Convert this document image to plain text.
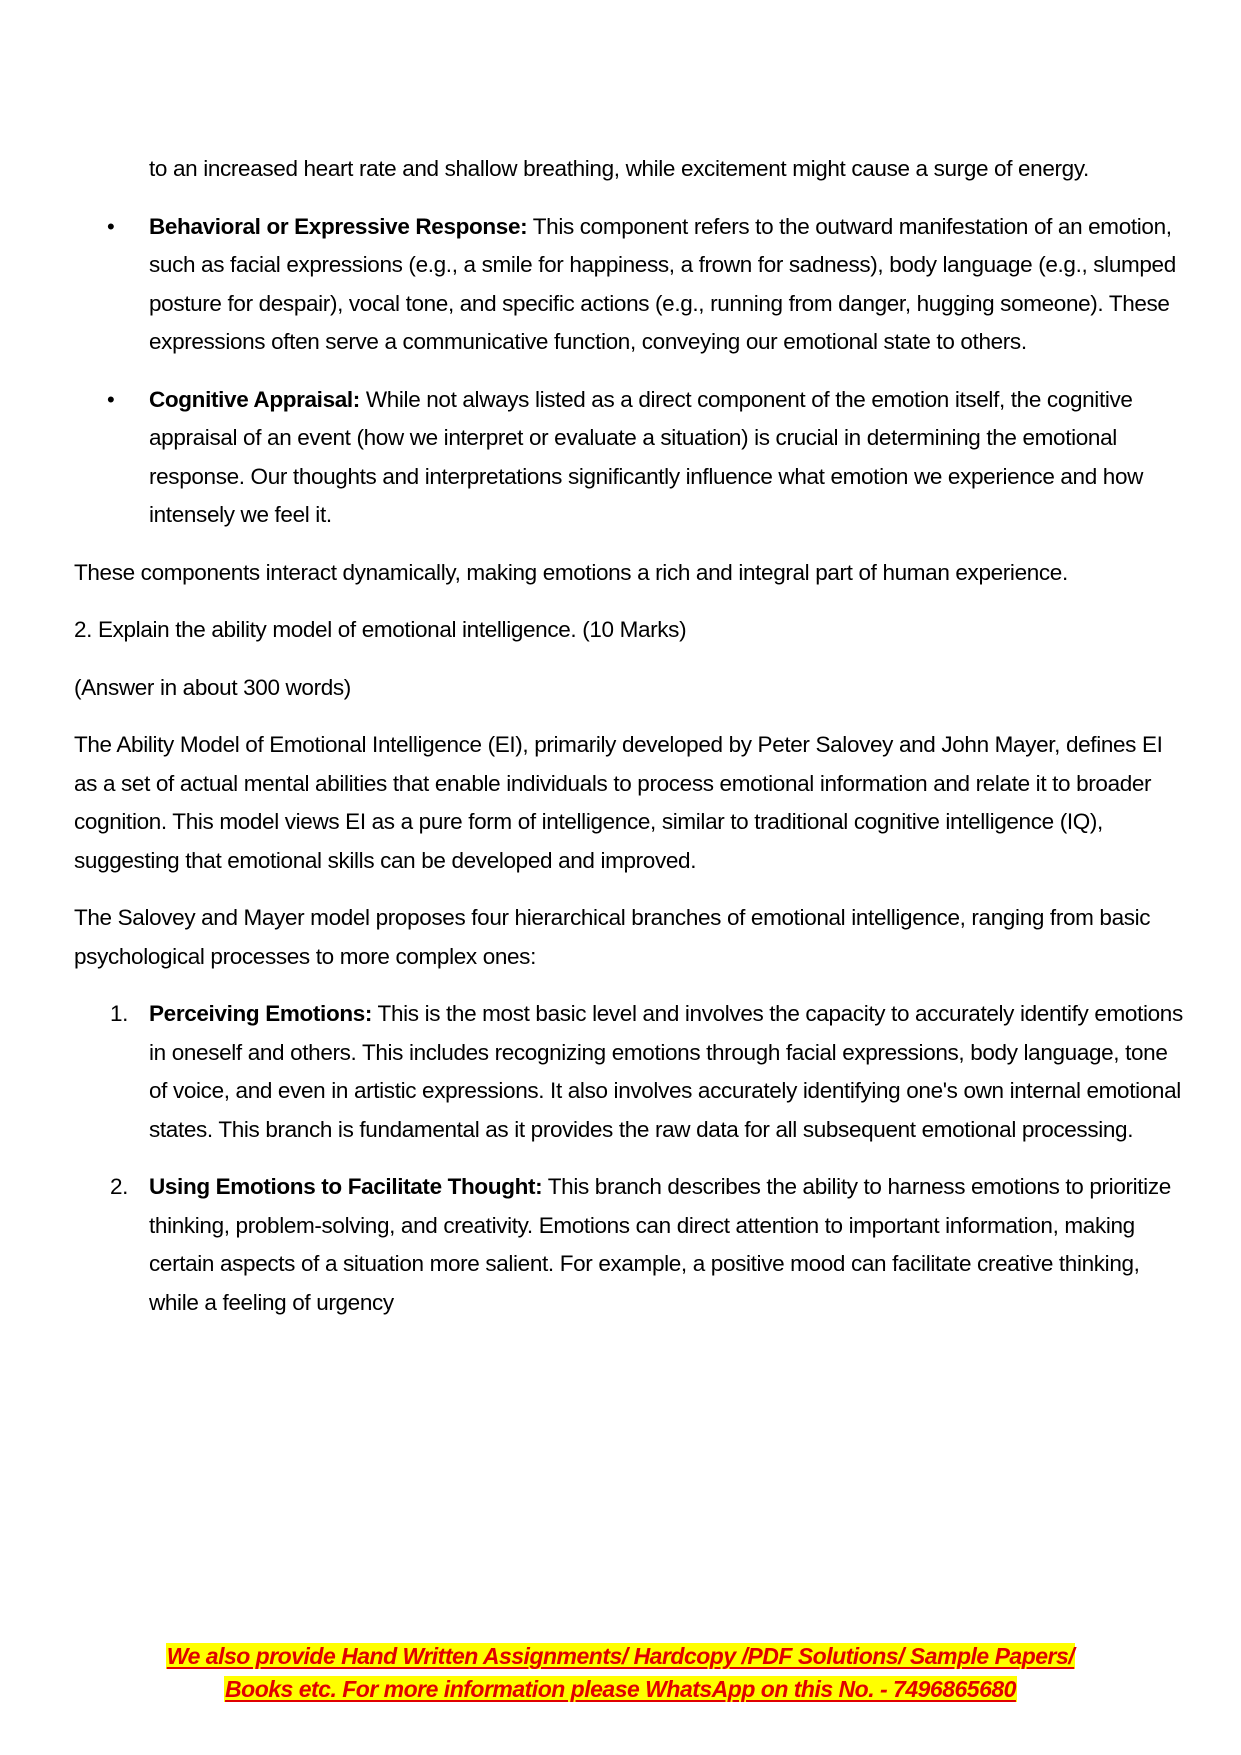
to an increased heart rate and shallow breathing, while excitement might cause a surge of energy.

• Behavioral or Expressive Response: This component refers to the outward manifestation of an emotion, such as facial expressions (e.g., a smile for happiness, a frown for sadness), body language (e.g., slumped posture for despair), vocal tone, and specific actions (e.g., running from danger, hugging someone). These expressions often serve a communicative function, conveying our emotional state to others.
• Cognitive Appraisal: While not always listed as a direct component of the emotion itself, the cognitive appraisal of an event (how we interpret or evaluate a situation) is crucial in determining the emotional response. Our thoughts and interpretations significantly influence what emotion we experience and how intensely we feel it.

These components interact dynamically, making emotions a rich and integral part of human experience.

2. Explain the ability model of emotional intelligence. (10 Marks)

(Answer in about 300 words)

The Ability Model of Emotional Intelligence (EI), primarily developed by Peter Salovey and John Mayer, defines EI as a set of actual mental abilities that enable individuals to process emotional information and relate it to broader cognition. This model views EI as a pure form of intelligence, similar to traditional cognitive intelligence (IQ), suggesting that emotional skills can be developed and improved.

The Salovey and Mayer model proposes four hierarchical branches of emotional intelligence, ranging from basic psychological processes to more complex ones:

1. Perceiving Emotions: This is the most basic level and involves the capacity to accurately identify emotions in oneself and others. This includes recognizing emotions through facial expressions, body language, tone of voice, and even in artistic expressions. It also involves accurately identifying one's own internal emotional states. This branch is fundamental as it provides the raw data for all subsequent emotional processing.
2. Using Emotions to Facilitate Thought: This branch describes the ability to harness emotions to prioritize thinking, problem-solving, and creativity. Emotions can direct attention to important information, making certain aspects of a situation more salient. For example, a positive mood can facilitate creative thinking, while a feeling of urgency
We also provide Hand Written Assignments/ Hardcopy /PDF Solutions/ Sample Papers/
Books etc. For more information please WhatsApp on this No. - 7496865680
